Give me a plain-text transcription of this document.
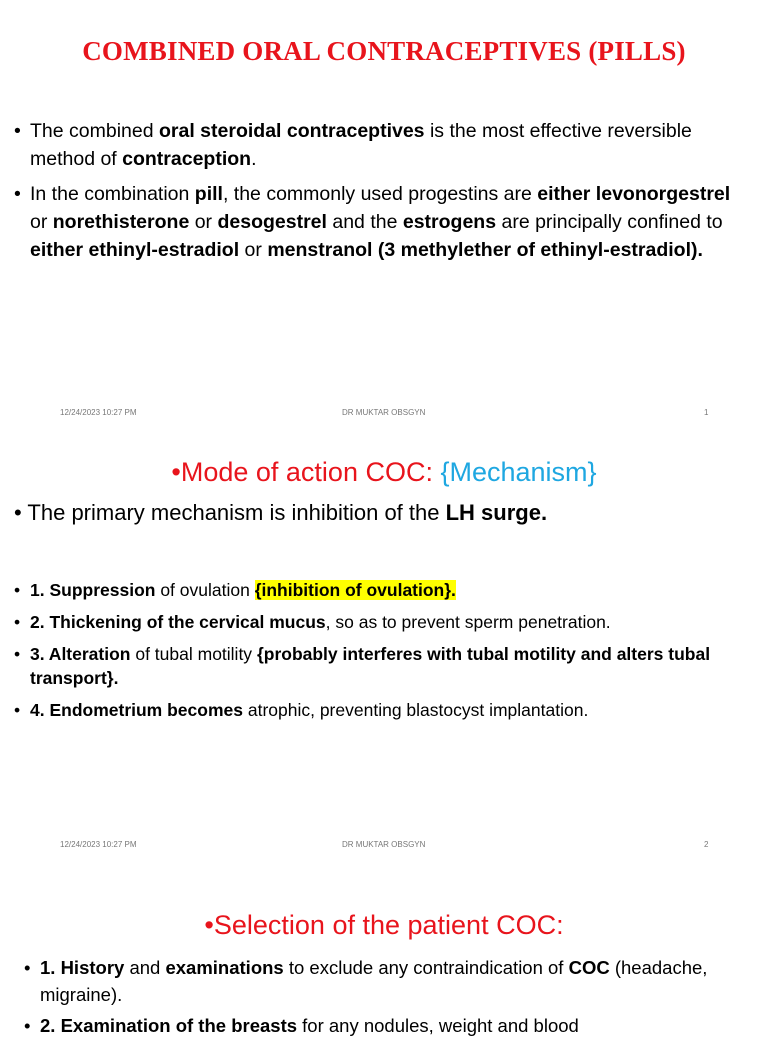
COMBINED ORAL CONTRACEPTIVES (PILLS)
• The combined oral steroidal contraceptives is the most effective reversible method of contraception.
• In the combination pill, the commonly used progestins are either levonorgestrel or norethisterone or desogestrel and the estrogens are principally confined to either ethinyl-estradiol or menstranol (3 methylether of ethinyl-estradiol).
12/24/2023 10:27 PM	DR MUKTAR OBSGYN	1
•Mode of action COC: {Mechanism}
• The primary mechanism is inhibition of the LH surge.
• 1. Suppression of ovulation {inhibition of ovulation}.
• 2. Thickening of the cervical mucus, so as to prevent sperm penetration.
• 3. Alteration of tubal motility {probably interferes with tubal motility and alters tubal transport}.
• 4. Endometrium becomes atrophic, preventing blastocyst implantation.
12/24/2023 10:27 PM	DR MUKTAR OBSGYN	2
•Selection of the patient COC:
• 1. History and examinations to exclude any contraindication of COC (headache, migraine).
• 2. Examination of the breasts for any nodules, weight and blood
